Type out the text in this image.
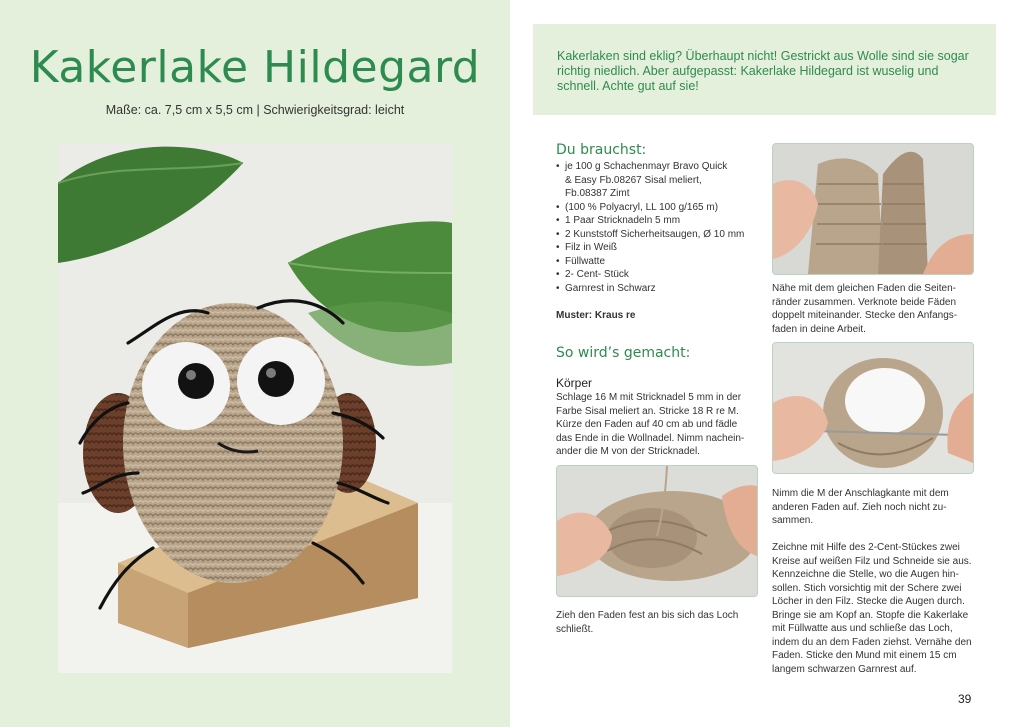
Kakerlake Hildegard
Maße: ca. 7,5 cm x 5,5 cm | Schwierigkeitsgrad: leicht
Kakerlaken sind eklig? Überhaupt nicht! Gestrickt aus Wolle sind sie sogar richtig niedlich. Aber aufgepasst: Kakerlake Hildegard ist wuselig und schnell. Achte gut auf sie!
Du brauchst:
• je 100 g Schachenmayr Bravo Quick
& Easy Fb.08267 Sisal meliert,
Fb.08387 Zimt
• (100 % Polyacryl, LL 100 g/165 m)
• 1 Paar Stricknadeln 5 mm
• 2 Kunststoff Sicherheitsaugen, Ø 10 mm
• Filz in Weiß
• Füllwatte
• 2- Cent- Stück
• Garnrest in Schwarz
Muster: Kraus re
So wird’s gemacht:
Körper
Schlage 16 M mit Stricknadel 5 mm in der Farbe Sisal meliert an. Stricke 18 R re M. Kürze den Faden auf 40 cm ab und fädle das Ende in die Wollnadel. Nimm nachein-ander die M von der Stricknadel.
Zieh den Faden fest an bis sich das Loch schließt.
Nähe mit dem gleichen Faden die Seiten-ränder zusammen. Verknote beide Fäden doppelt miteinander. Stecke den Anfangs-faden in deine Arbeit.
Nimm die M der Anschlagkante mit dem anderen Faden auf. Zieh noch nicht zu-sammen.
Zeichne mit Hilfe des 2-Cent-Stückes zwei Kreise auf weißen Filz und Schneide sie aus. Kennzeichne die Stelle, wo die Augen hin-sollen. Stich vorsichtig mit der Schere zwei Löcher in den Filz. Stecke die Augen durch. Bringe sie am Kopf an. Stopfe die Kakerlake mit Füllwatte aus und schließe das Loch, indem du an dem Faden ziehst. Vernähe den Faden. Sticke den Mund mit einem 15 cm langem schwarzen Garnrest auf.
39
